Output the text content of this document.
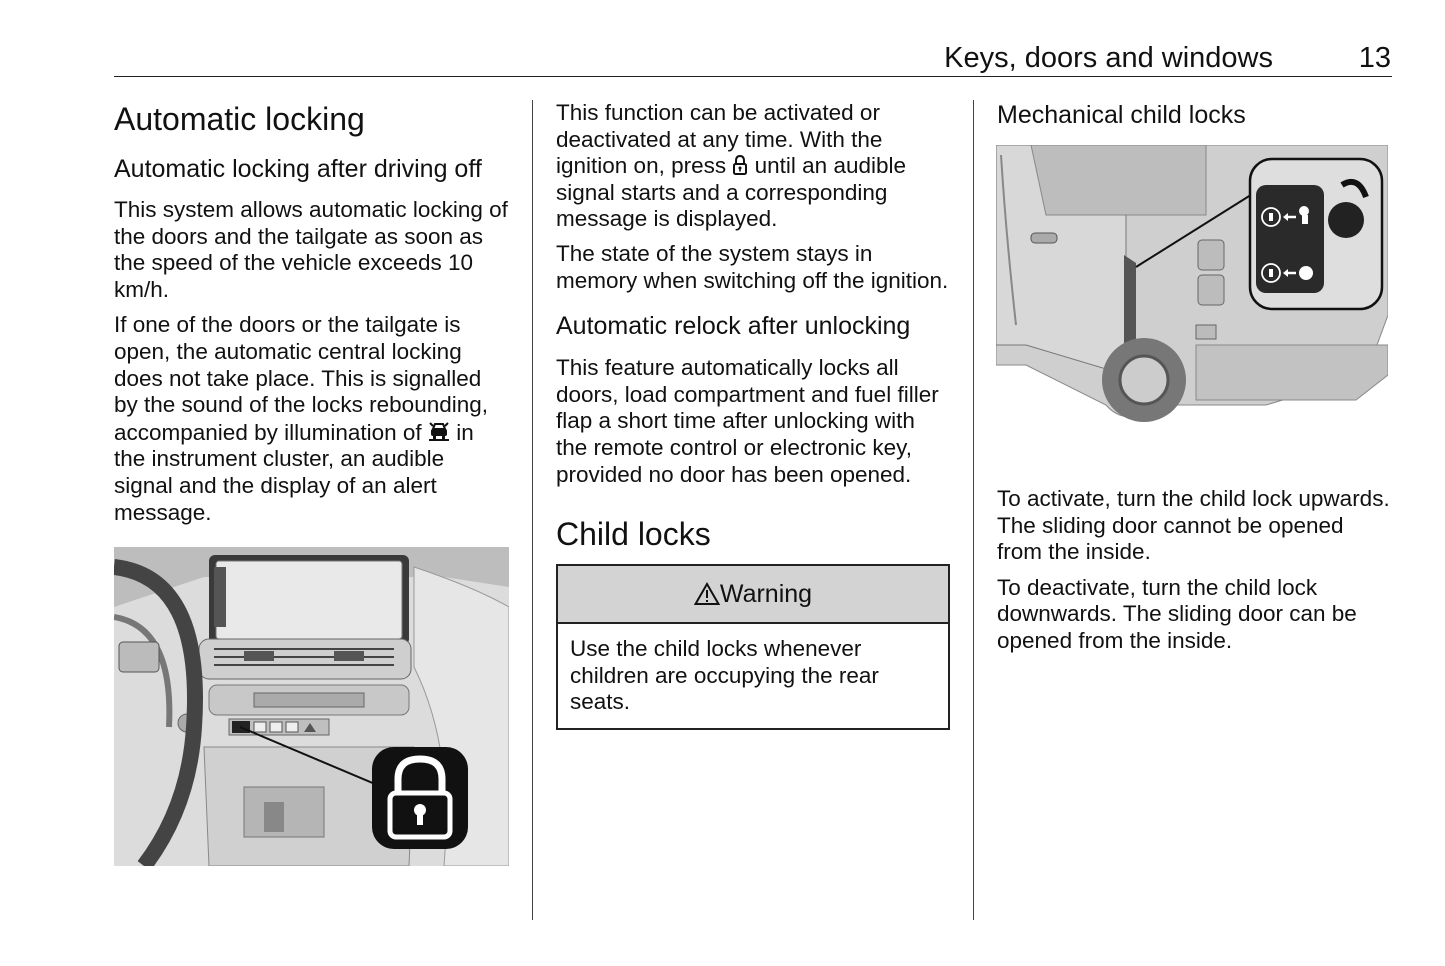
Keys, doors and windows	13
Automatic locking
Automatic locking after driving off

This system allows automatic locking of the doors and the tailgate as soon as the speed of the vehicle exceeds 10 km/h.

If one of the doors or the tailgate is
open, the automatic central locking
does not take place. This is signalled
by the sound of the locks rebounding,
accompanied by illumination of in
the instrument cluster, an audible
signal and the display of an alert
message.

This function can be activated or deactivated at any time. With the ignition on, press until an audible signal starts and a corresponding message is displayed.

The state of the system stays in memory when switching off the ignition.

Automatic relock after unlocking

This feature automatically locks all doors, load compartment and fuel filler flap a short time after unlocking with the remote control or electronic key, provided no door has been opened.

Child locks
Warning

Use the child locks whenever children are occupying the rear seats.

Mechanical child locks

To activate, turn the child lock upwards. The sliding door cannot be opened from the inside.

To deactivate, turn the child lock downwards. The sliding door can be opened from the inside.
